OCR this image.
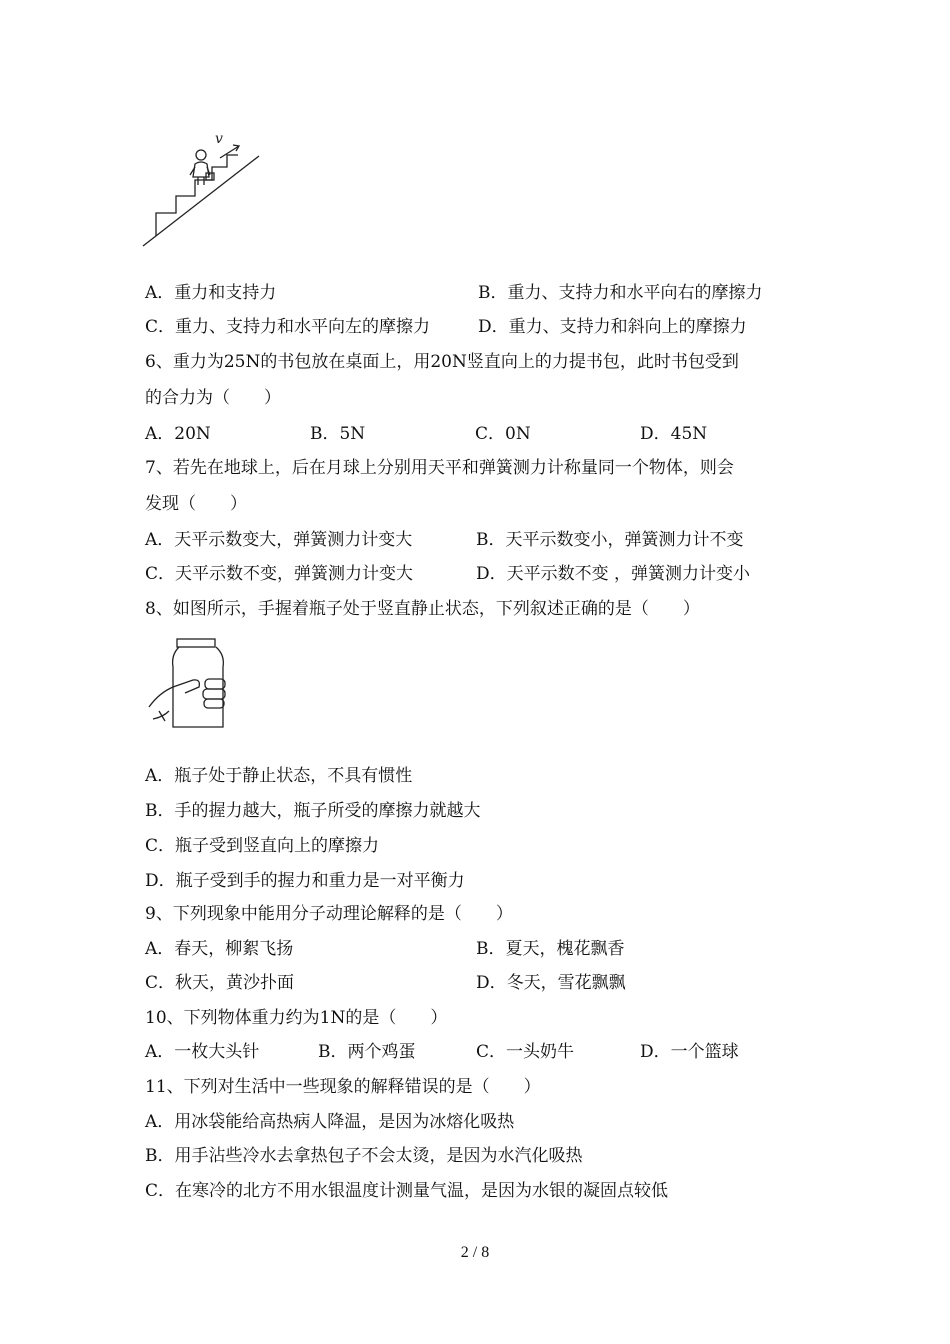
v
A．重力和支持力	B．重力、支持力和水平向右的摩擦力
C．重力、支持力和水平向左的摩擦力	D．重力、支持力和斜向上的摩擦力
6、重力为25N的书包放在桌面上，用20N竖直向上的力提书包，此时书包受到
的合力为（　　）
A．20N	B．5N	C．0N	D．45N
7、若先在地球上，后在月球上分别用天平和弹簧测力计称量同一个物体，则会
发现（　　）
A．天平示数变大，弹簧测力计变大	B．天平示数变小，弹簧测力计不变
C．天平示数不变，弹簧测力计变大	D．天平示数不变 ，弹簧测力计变小
8、如图所示，手握着瓶子处于竖直静止状态，下列叙述正确的是（　　）
A．瓶子处于静止状态，不具有惯性
B．手的握力越大，瓶子所受的摩擦力就越大
C．瓶子受到竖直向上的摩擦力
D．瓶子受到手的握力和重力是一对平衡力
9、下列现象中能用分子动理论解释的是（　　）
A．春天，柳絮飞扬	B．夏天，槐花飘香
C．秋天，黄沙扑面	D．冬天，雪花飘飘
10、下列物体重力约为1N的是（　　）
A．一枚大头针	B．两个鸡蛋	C．一头奶牛	D．一个篮球
11、下列对生活中一些现象的解释错误的是（　　）
A．用冰袋能给高热病人降温，是因为冰熔化吸热
B．用手沾些冷水去拿热包子不会太烫，是因为水汽化吸热
C．在寒冷的北方不用水银温度计测量气温，是因为水银的凝固点较低
2 / 8
